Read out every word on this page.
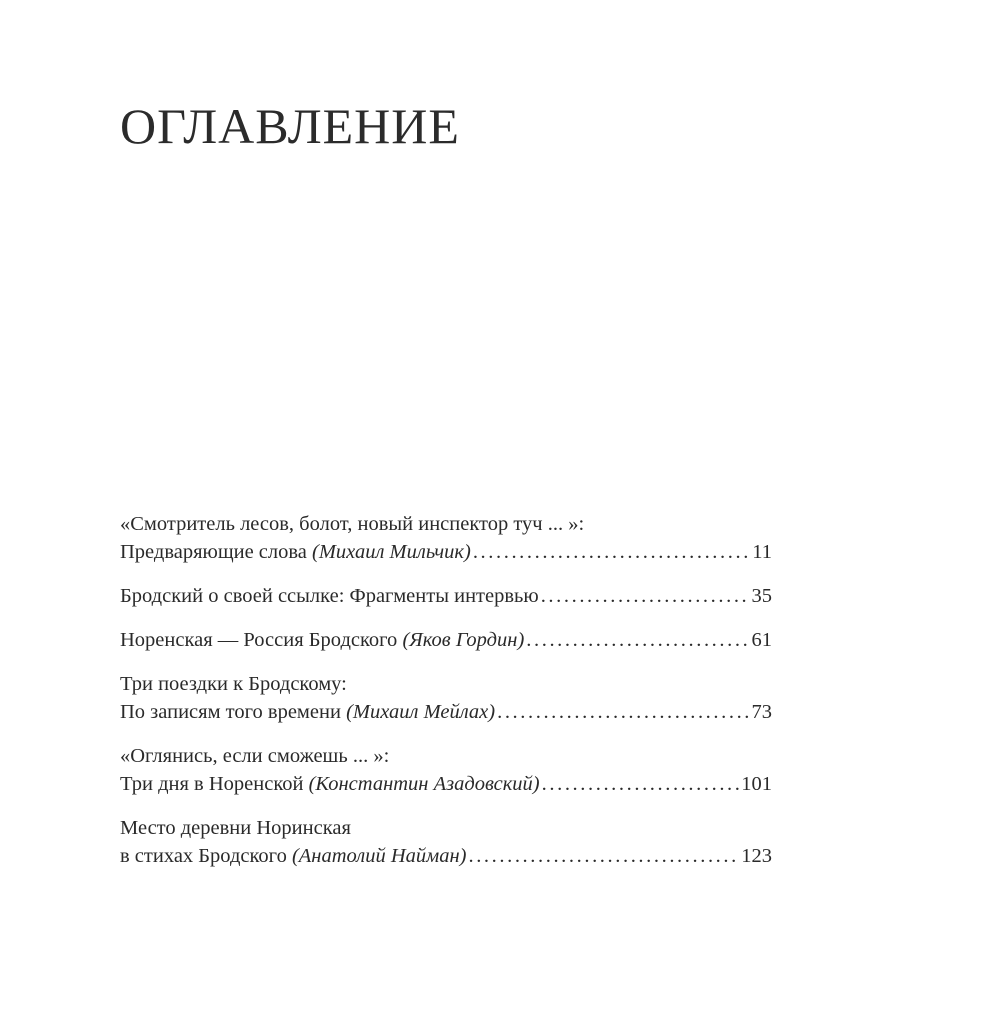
ОГЛАВЛЕНИЕ
«Смотритель лесов, болот, новый инспектор туч ... »:
Предваряющие слова
(Михаил Мильчик) .....	11
Бродский о своей ссылке: Фрагменты интервью .....	35
Норенская — Россия Бродского
(Яков Гордин) .....	61
Три поездки к Бродскому:
По записям того времени
(Михаил Мейлах) .....	73
«Оглянись, если сможешь ... »:
Три дня в Норенской
(Константин Азадовский) .....	101
Место деревни Норинская
в стихах Бродского
(Анатолий Найман) .....	123
